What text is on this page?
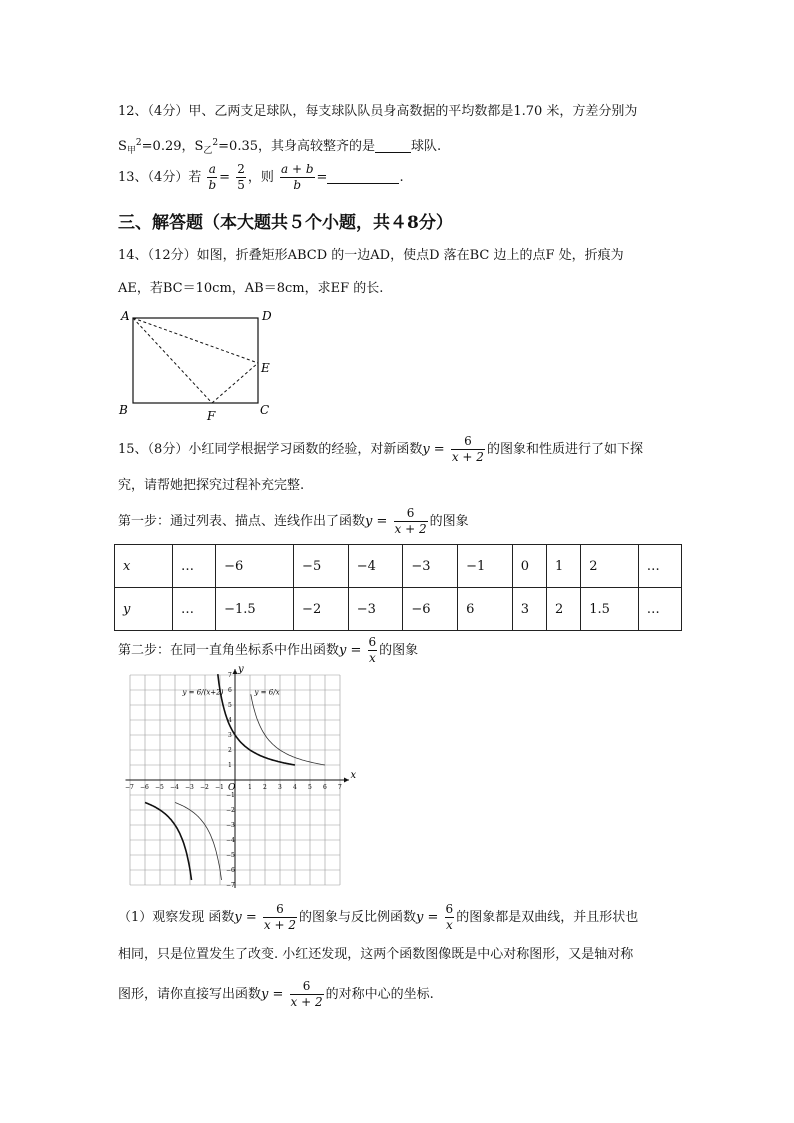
12、（4分）甲、乙两支足球队，每支球队队员身高数据的平均数都是1.70 米，方差分别为
$S_甲^2=0.29$，$S_乙^2=0.35$，其身高较整齐的是	球队.
13、（4分）若 $\frac{a}{b} = \frac{2}{5}$ ，则 $\frac{a + b}{b}$ =	.
三、解答题（本大题共５个小题，共４8分）
14、（12分）如图，折叠矩形ABCD 的一边AD，使点D 落在BC 边上的点F 处，折痕为
AE，若BC＝10cm，AB＝8cm，求EF 的长.
A	D
E
B	F	C
15、（8分）小红同学根据学习函数的经验，对新函数$y = \frac{6}{x + 2}$ 的图象和性质进行了如下探
究，请帮她把探究过程补充完整.
第一步：通过列表、描点、连线作出了函数$y = \frac{6}{x + 2}$ 的图象
x	…	−6	−5	−4	−3	−1	0	1	2	…
y	…	−1.5	−2	−3	−6	6	3	2	1.5	…
第二步：在同一直角坐标系中作出函数$y = \frac{6}{x}$ 的图象
−7
−7
−6
−6
−5
−5
−4
−4
−3
−3
−2
−2
−1
−1
1
1
2
2
3
3
4
4
5
5
6
6
7
7
x
y
O
y = 6/(x+2)	y = 6/x
（1）观察发现 函数$y = \frac{6}{x + 2}$ 的图象与反比例函数$y = \frac{6}{x}$ 的图象都是双曲线，并且形状也
相同，只是位置发生了改变. 小红还发现，这两个函数图像既是中心对称图形，又是轴对称
图形，请你直接写出函数$y = \frac{6}{x + 2}$ 的对称中心的坐标.
